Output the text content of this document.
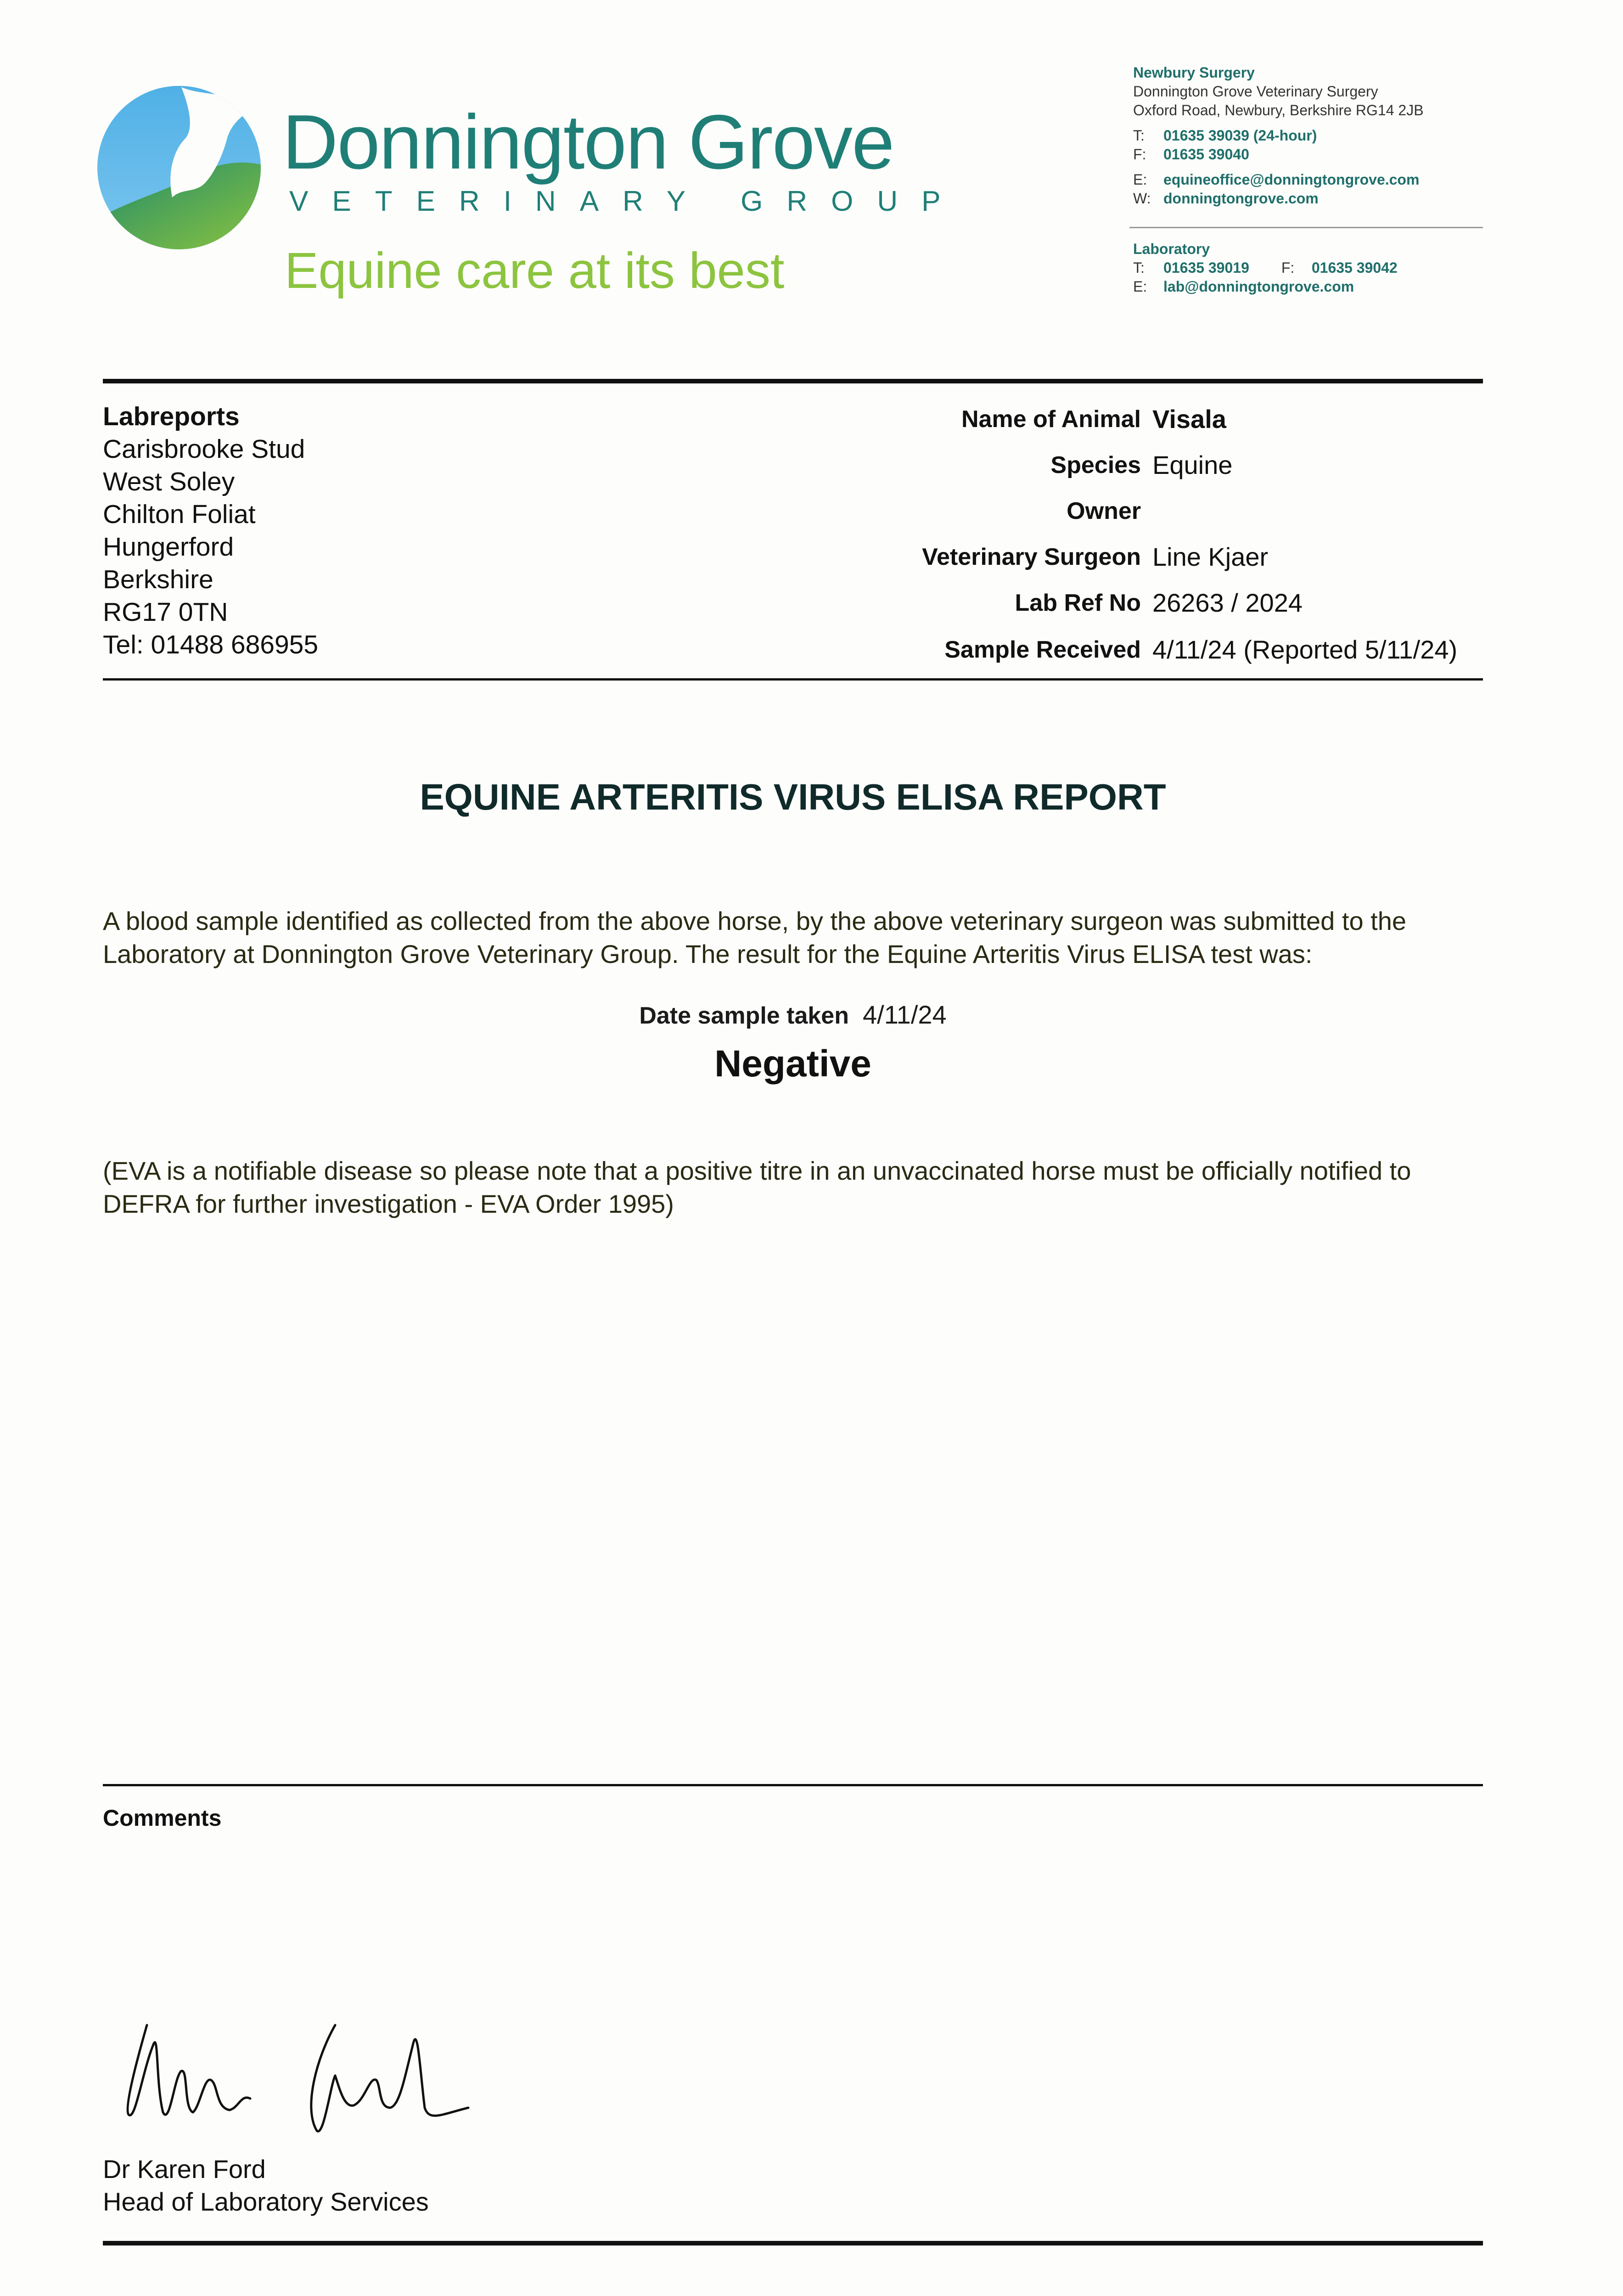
Donnington Grove
VETERINARY GROUP
Equine care at its best
Newbury Surgery
Donnington Grove Veterinary Surgery
Oxford Road, Newbury, Berkshire RG14 2JB
T: 01635 39039 (24-hour)
F: 01635 39040
E: equineoffice@donningtongrove.com
W: donningtongrove.com
Laboratory
T: 01635 39019 F: 01635 39042
E: lab@donningtongrove.com
Labreports
Carisbrooke Stud
West Soley
Chilton Foliat
Hungerford
Berkshire
RG17 0TN
Tel: 01488 686955
Name of Animal Visala
Species Equine
Owner
Veterinary Surgeon Line Kjaer
Lab Ref No 26263 / 2024
Sample Received 4/11/24 (Reported 5/11/24)
EQUINE ARTERITIS VIRUS ELISA REPORT
A blood sample identified as collected from the above horse, by the above veterinary surgeon was submitted to the Laboratory at Donnington Grove Veterinary Group. The result for the Equine Arteritis Virus ELISA test was:
Date sample taken 4/11/24
Negative
(EVA is a notifiable disease so please note that a positive titre in an unvaccinated horse must be officially notified to DEFRA for further investigation - EVA Order 1995)
Comments
Dr Karen Ford
Head of Laboratory Services
